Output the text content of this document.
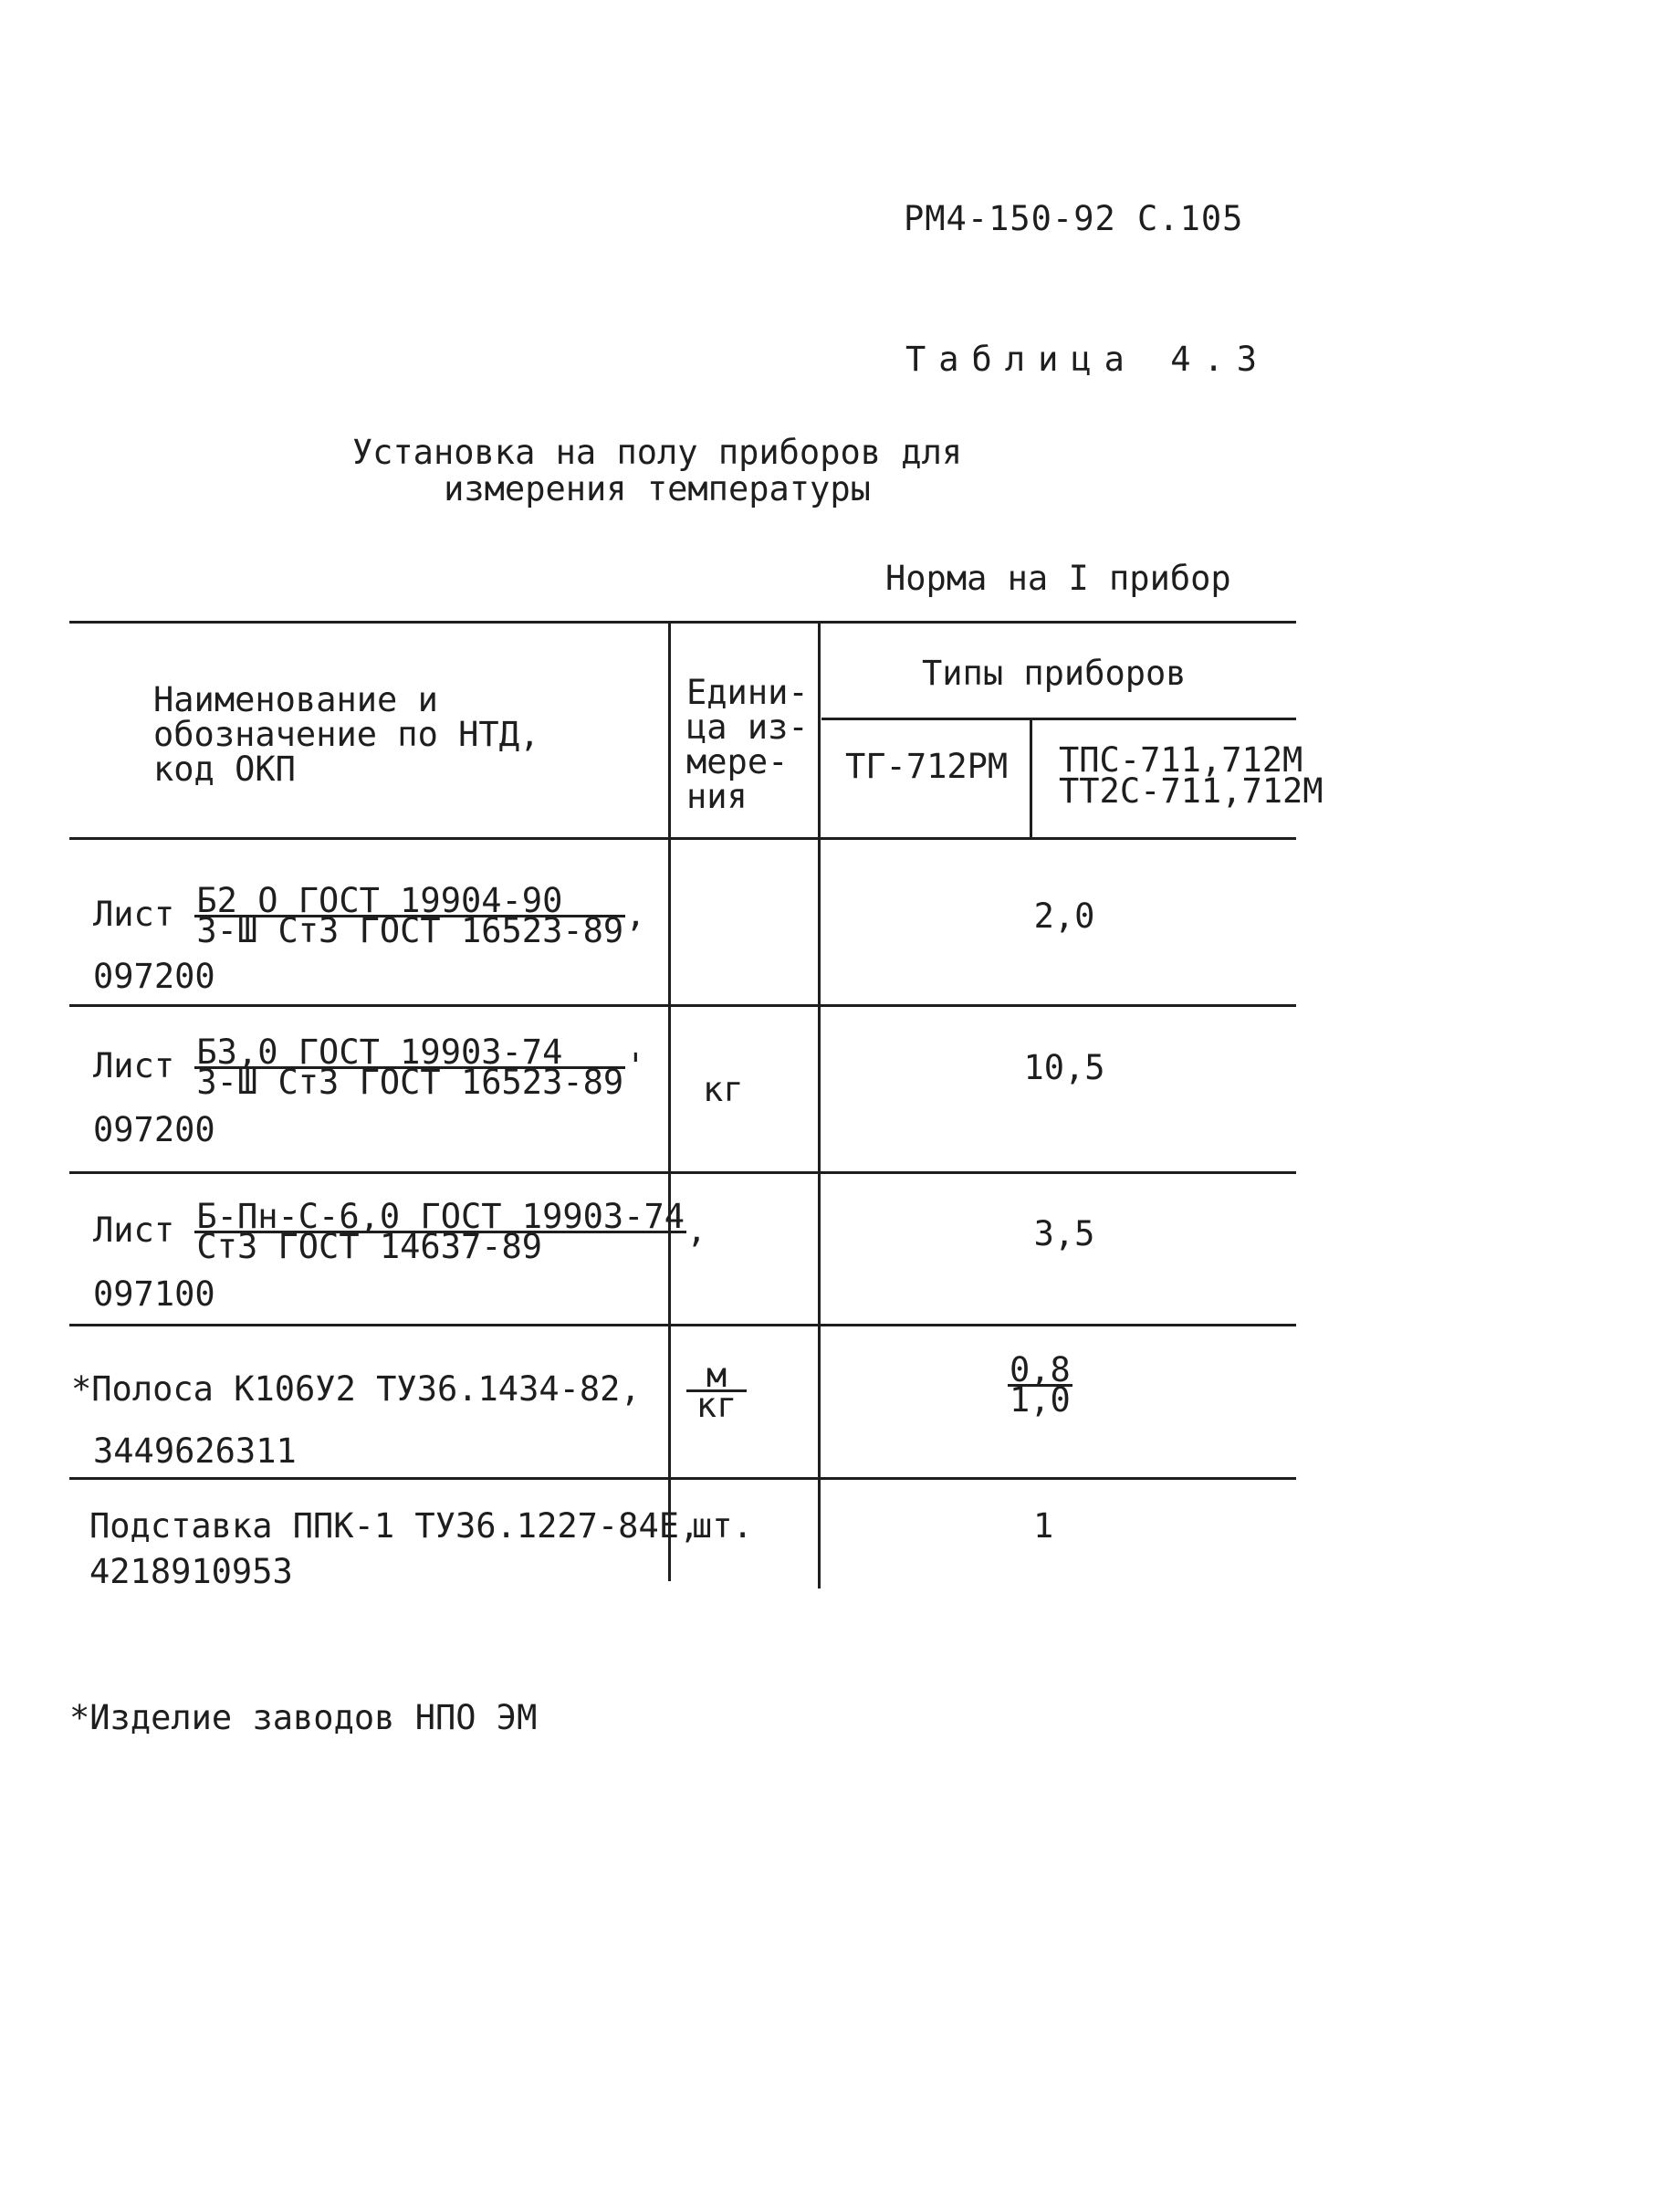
РМ4-150-92 С.105
Таблица 4.3
Установка на полу приборов для измерения температуры
Норма на I прибор
Наименование и
обозначение по НТД,
код ОКП
Едини-
ца из-
мере-
ния
Типы приборов
ТГ-712РМ ТПС-711,712М
ТТ2С-711,712М
Лист $\frac{\text{Б2 О ГОСТ 19904-90}}{\text{3-Ш Ст3 ГОСТ 16523-89}}$ ,
097200
2,0
Лист $\frac{\text{Б3,0 ГОСТ 19903-74}}{\text{3-Ш Ст3 ГОСТ 16523-89}}$ '
097200
10,5
кг
Лист $\frac{\text{Б-Пн-С-6,0 ГОСТ 19903-74}}{\text{Ст3 ГОСТ 14637-89}}$ ,
097100
3,5
*Полоса К106У2 ТУ36.1434-82,
3449626311
$\frac{м}{кг}$	$\frac{0,8}{1,0}$
Подставка ППК-1 ТУ36.1227-84Е,
4218910953
шт.	1
*Изделие заводов НПО ЭМ
